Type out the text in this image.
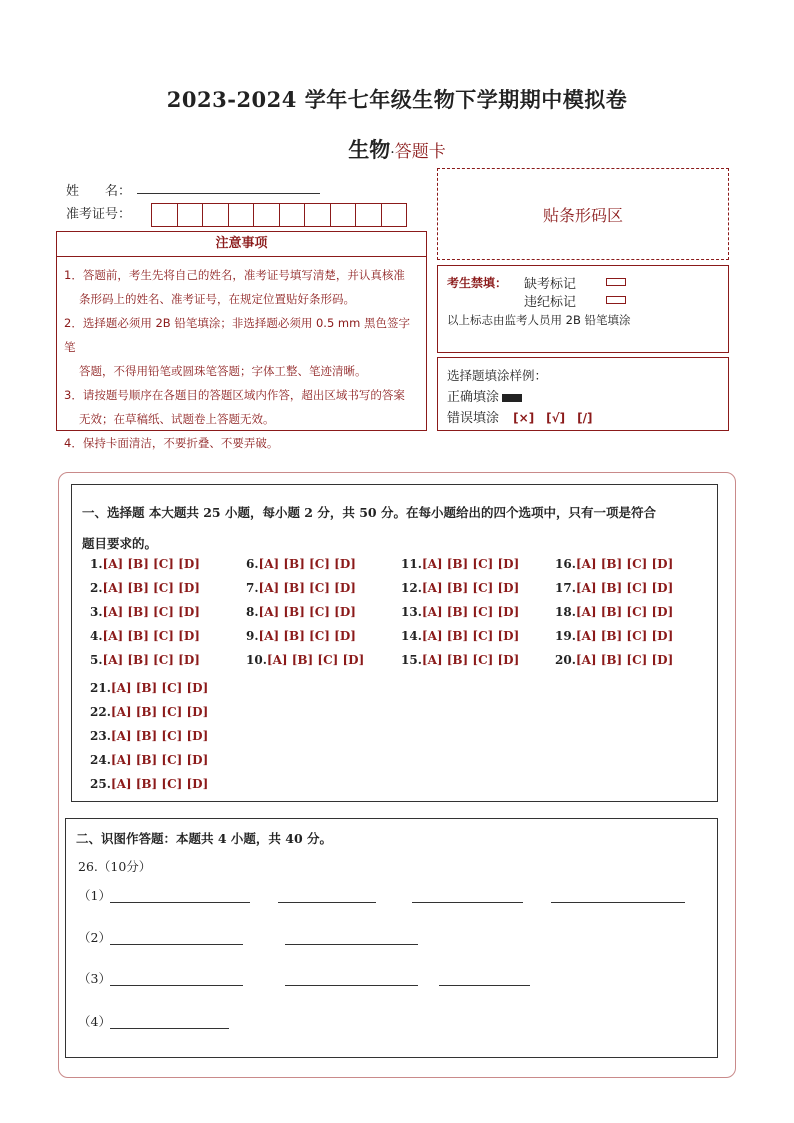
2023-2024 学年七年级生物下学期期中模拟卷
生物·答题卡
姓　　名：
准考证号：	贴条形码区
注意事项
1．答题前，考生先将自己的姓名，准考证号填写清楚，并认真核准
条形码上的姓名、准考证号，在规定位置贴好条形码。
2．选择题必须用 2B 铅笔填涂；非选择题必须用 0.5 mm 黑色签字笔
答题，不得用铅笔或圆珠笔答题；字体工整、笔迹清晰。
3．请按题号顺序在各题目的答题区域内作答，超出区域书写的答案
无效；在草稿纸、试题卷上答题无效。
4．保持卡面清洁，不要折叠、不要弄破。
考生禁填： 缺考标记
违纪标记
以上标志由监考人员用 2B 铅笔填涂
选择题填涂样例：
正确填涂
错误填涂 [×]　[√]　[/]
一、选择题 本大题共 25 小题，每小题 2 分，共 50 分。在每小题给出的四个选项中，只有一项是符合
题目要求的。
1.[A] [B] [C] [D]
2.[A] [B] [C] [D]
3.[A] [B] [C] [D]
4.[A] [B] [C] [D]
5.[A] [B] [C] [D]
6.[A] [B] [C] [D]
7.[A] [B] [C] [D]
8.[A] [B] [C] [D]
9.[A] [B] [C] [D]
10.[A] [B] [C] [D]
11.[A] [B] [C] [D]
12.[A] [B] [C] [D]
13.[A] [B] [C] [D]
14.[A] [B] [C] [D]
15.[A] [B] [C] [D]
16.[A] [B] [C] [D]
17.[A] [B] [C] [D]
18.[A] [B] [C] [D]
19.[A] [B] [C] [D]
20.[A] [B] [C] [D]
21.[A] [B] [C] [D]
22.[A] [B] [C] [D]
23.[A] [B] [C] [D]
24.[A] [B] [C] [D]
25.[A] [B] [C] [D]
二、识图作答题：本题共 4 小题，共 40 分。
26.（10分）
（1）
（2）
（3）
（4）
